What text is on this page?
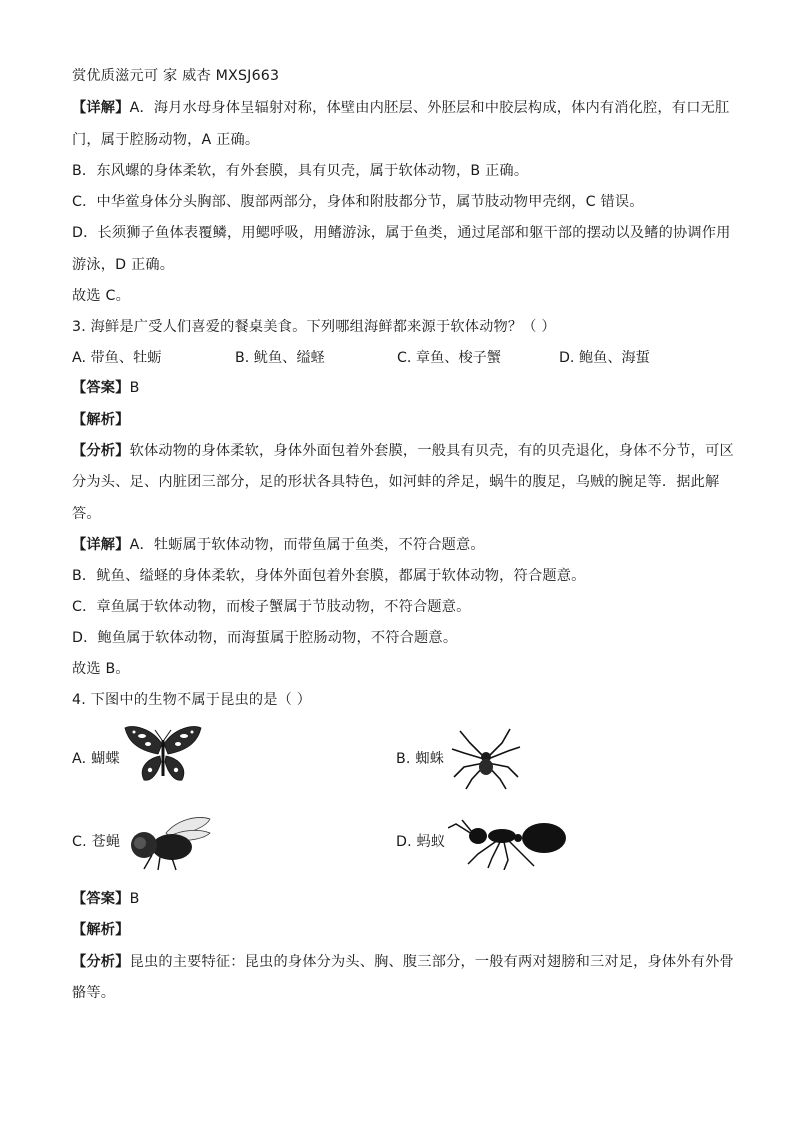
赏优质滋元可 家 威杏 MXSJ663
【详解】A．海月水母身体呈辐射对称，体壁由内胚层、外胚层和中胶层构成，体内有消化腔，有口无肛
门，属于腔肠动物，A 正确。
B．东风螺的身体柔软，有外套膜，具有贝壳，属于软体动物，B 正确。
C．中华鲎身体分头胸部、腹部两部分，身体和附肢都分节，属节肢动物甲壳纲，C 错误。
D．长须狮子鱼体表覆鳞，用鳃呼吸，用鳍游泳，属于鱼类，通过尾部和躯干部的摆动以及鳍的协调作用
游泳，D 正确。
故选 C。
3. 海鲜是广受人们喜爱的餐桌美食。下列哪组海鲜都来源于软体动物？（ ）
A. 带鱼、牡蛎	B. 鱿鱼、缢蛏	C. 章鱼、梭子蟹	D. 鲍鱼、海蜇
【答案】B
【解析】
【分析】软体动物的身体柔软，身体外面包着外套膜，一般具有贝壳，有的贝壳退化，身体不分节，可区
分为头、足、内脏团三部分，足的形状各具特色，如河蚌的斧足，蜗牛的腹足，乌贼的腕足等．据此解
答。
【详解】A．牡蛎属于软体动物，而带鱼属于鱼类，不符合题意。
B．鱿鱼、缢蛏的身体柔软，身体外面包着外套膜，都属于软体动物，符合题意。
C．章鱼属于软体动物，而梭子蟹属于节肢动物，不符合题意。
D．鲍鱼属于软体动物，而海蜇属于腔肠动物，不符合题意。
故选 B。
4. 下图中的生物不属于昆虫的是（ ）
A. 蝴蝶	B. 蜘蛛
C. 苍蝇	D. 蚂蚁
【答案】B
【解析】
【分析】昆虫的主要特征：昆虫的身体分为头、胸、腹三部分，一般有两对翅膀和三对足，身体外有外骨
骼等。
